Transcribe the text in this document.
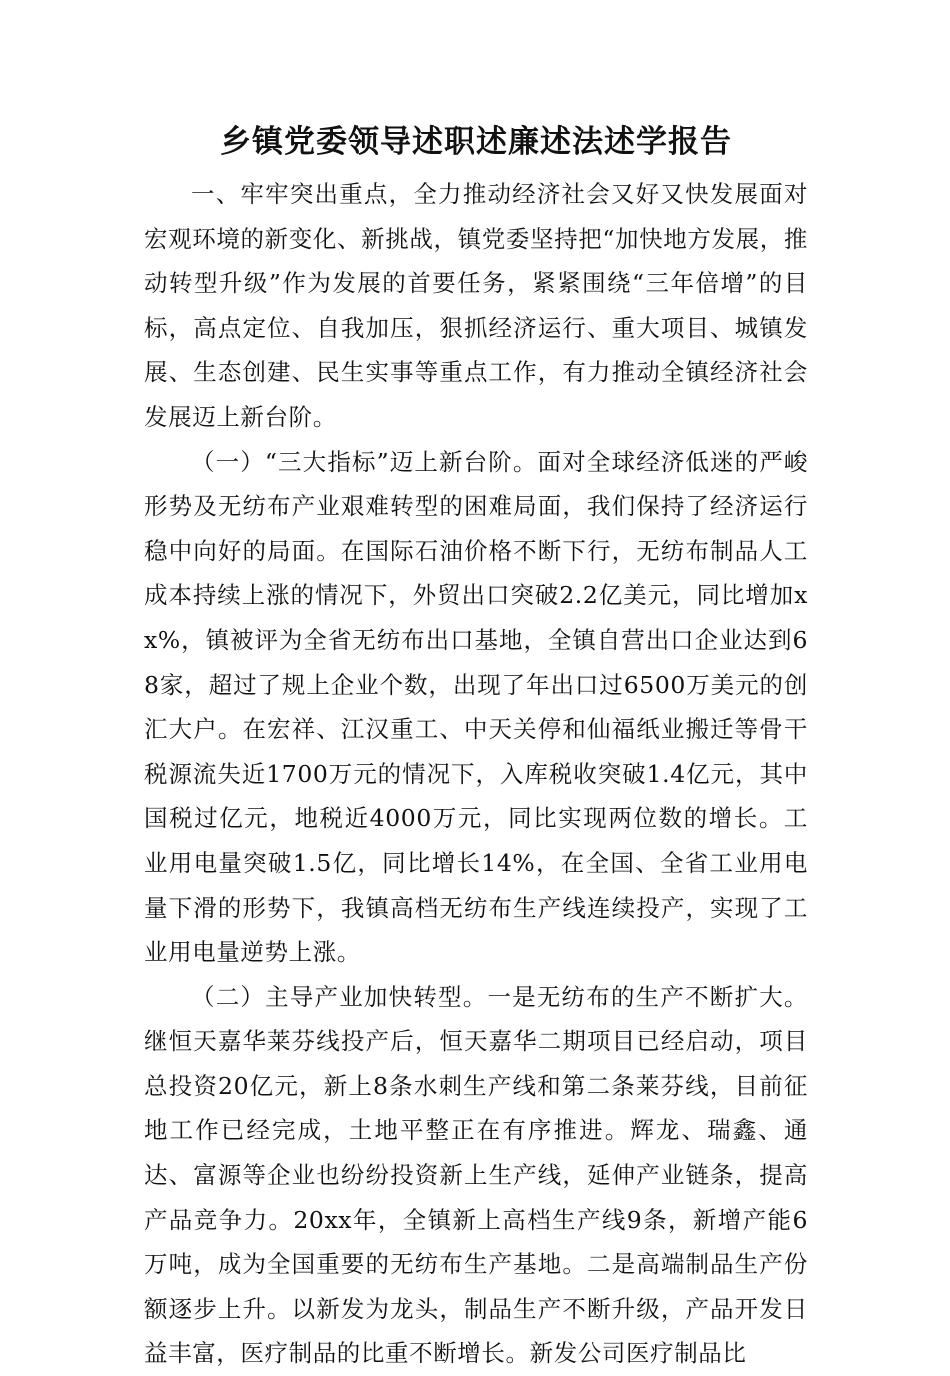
乡镇党委领导述职述廉述法述学报告

一、牢牢突出重点，全力推动经济社会又好又快发展面对宏观环境的新变化、新挑战，镇党委坚持把“加快地方发展，推动转型升级”作为发展的首要任务，紧紧围绕“三年倍增”的目标，高点定位、自我加压，狠抓经济运行、重大项目、城镇发展、生态创建、民生实事等重点工作，有力推动全镇经济社会发展迈上新台阶。

（一）“三大指标”迈上新台阶。面对全球经济低迷的严峻形势及无纺布产业艰难转型的困难局面，我们保持了经济运行稳中向好的局面。在国际石油价格不断下行，无纺布制品人工成本持续上涨的情况下，外贸出口突破2.2亿美元，同比增加xx%，镇被评为全省无纺布出口基地，全镇自营出口企业达到68家，超过了规上企业个数，出现了年出口过6500万美元的创汇大户。在宏祥、江汉重工、中天关停和仙福纸业搬迁等骨干税源流失近1700万元的情况下，入库税收突破1.4亿元，其中国税过亿元，地税近4000万元，同比实现两位数的增长。工业用电量突破1.5亿，同比增长14%，在全国、全省工业用电量下滑的形势下，我镇高档无纺布生产线连续投产，实现了工业用电量逆势上涨。

（二）主导产业加快转型。一是无纺布的生产不断扩大。继恒天嘉华莱芬线投产后，恒天嘉华二期项目已经启动，项目总投资20亿元，新上8条水刺生产线和第二条莱芬线，目前征地工作已经完成，土地平整正在有序推进。辉龙、瑞鑫、通达、富源等企业也纷纷投资新上生产线，延伸产业链条，提高产品竞争力。20xx年，全镇新上高档生产线9条，新增产能6万吨，成为全国重要的无纺布生产基地。二是高端制品生产份额逐步上升。以新发为龙头，制品生产不断升级，产品开发日益丰富，医疗制品的比重不断增长。新发公司医疗制品比
